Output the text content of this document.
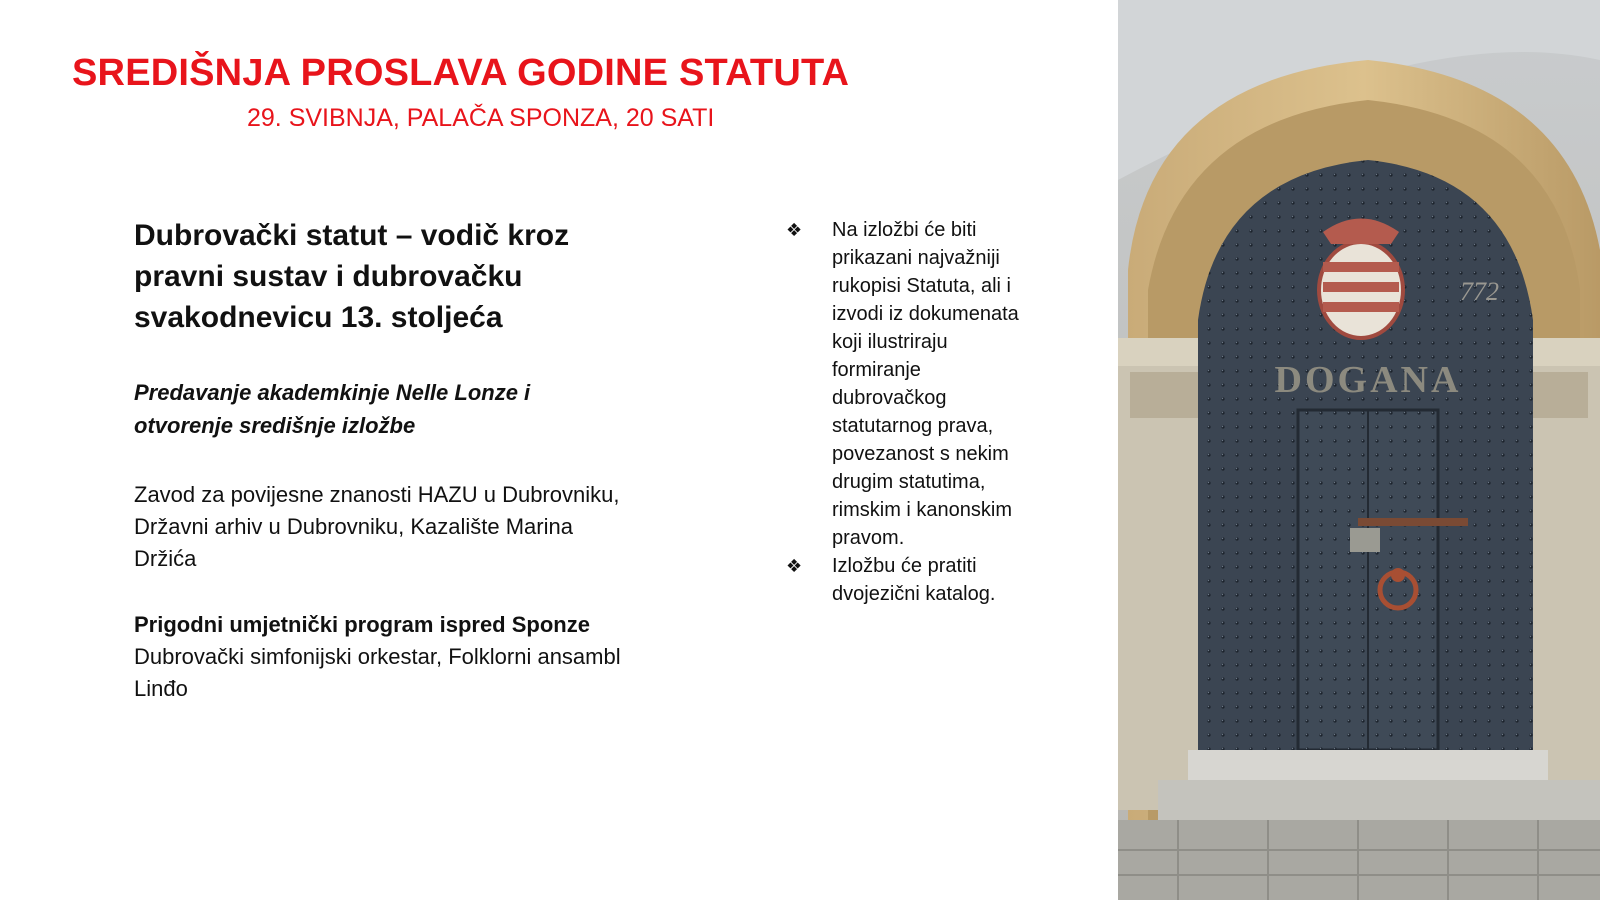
SREDIŠNJA PROSLAVA GODINE STATUTA

29. SVIBNJA, PALAČA SPONZA, 20 SATI

Dubrovački statut – vodič kroz pravni sustav i dubrovačku svakodnevicu 13. stoljeća

Predavanje akademkinje Nelle Lonze i otvorenje središnje izložbe

Zavod za povijesne znanosti HAZU u Dubrovniku, Državni arhiv u Dubrovniku, Kazalište Marina Držića

Prigodni umjetnički program ispred Sponze

Dubrovački simfonijski orkestar, Folklorni ansambl Linđo

❖ Na izložbi će biti prikazani najvažniji rukopisi Statuta, ali i izvodi iz dokumenata koji ilustriraju formiranje dubrovačkog statutarnog prava, povezanost s nekim drugim statutima, rimskim i kanonskim pravom.
❖ Izložbu će pratiti dvojezični katalog.
DOGANA
772
